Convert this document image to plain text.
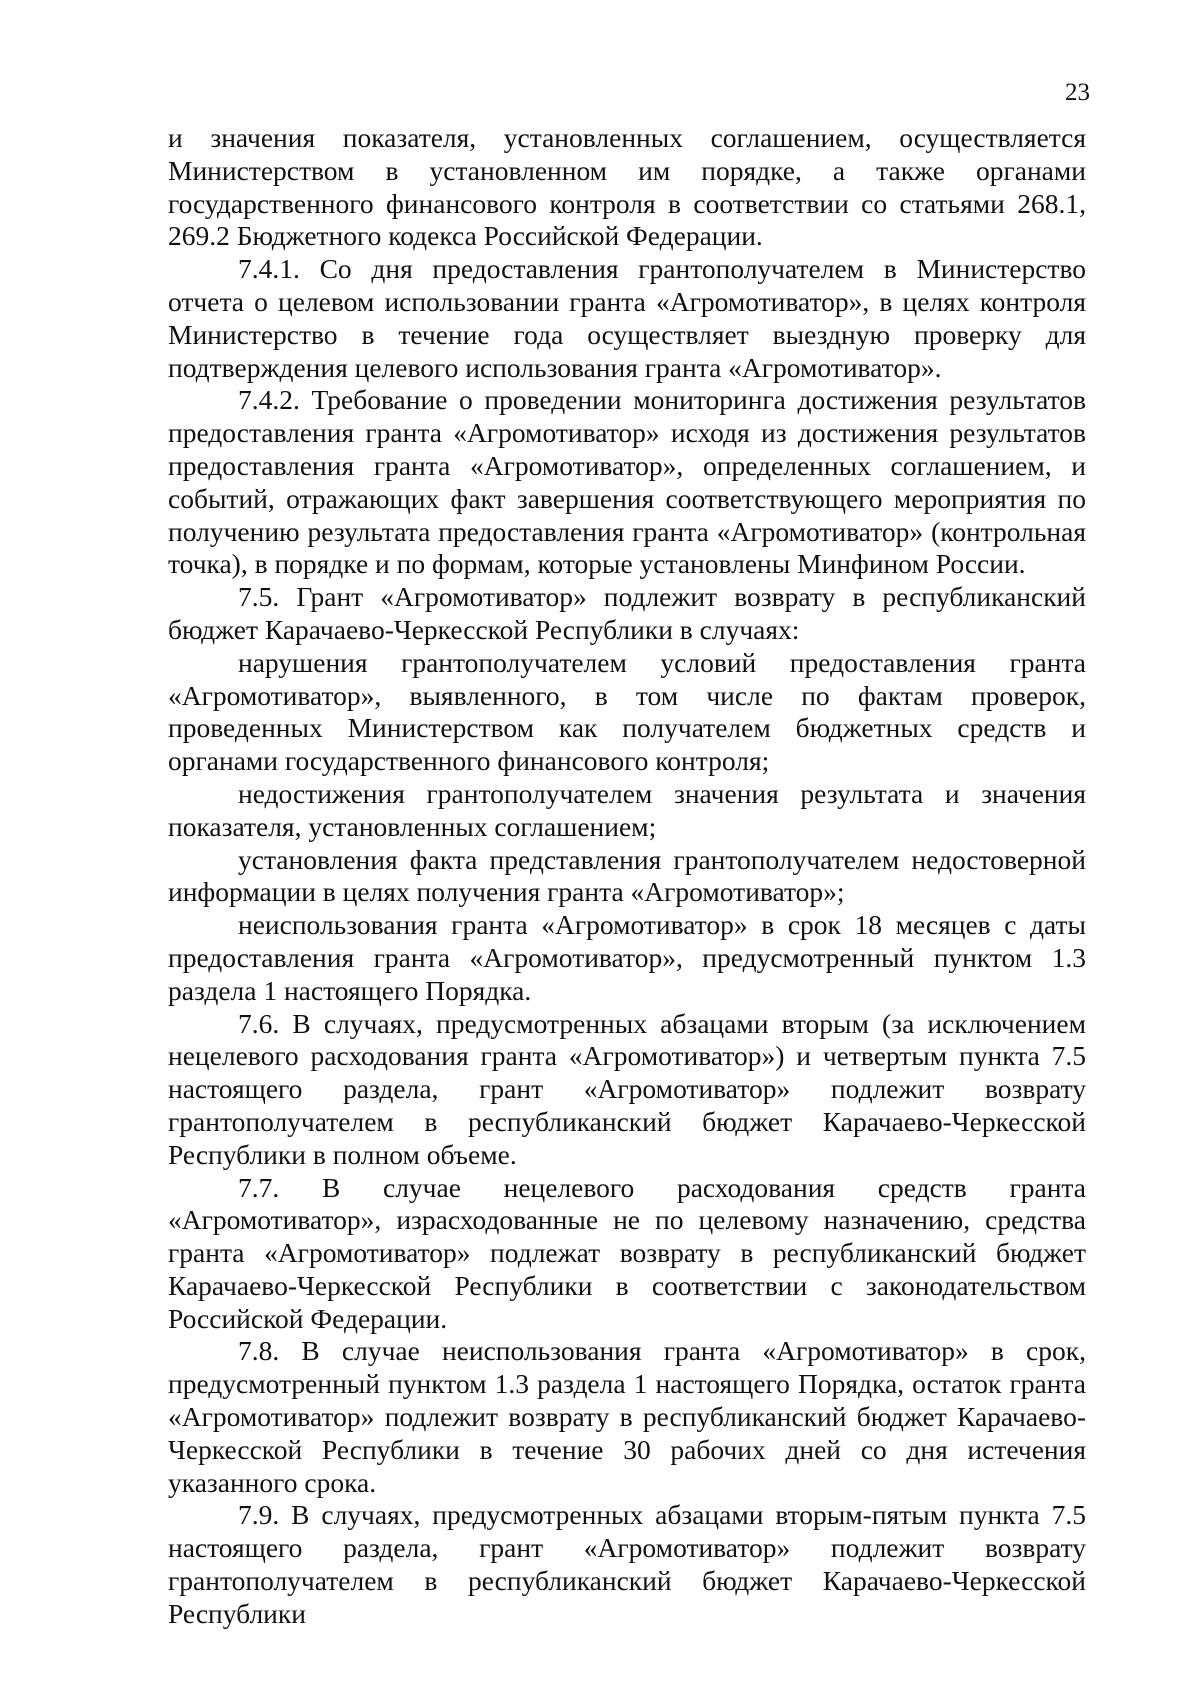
23

и значения показателя, установленных соглашением, осуществляется Министерством в установленном им порядке, а также органами государственного финансового контроля в соответствии со статьями 268.1, 269.2 Бюджетного кодекса Российской Федерации.

7.4.1. Со дня предоставления грантополучателем в Министерство отчета о целевом использовании гранта «Агромотиватор», в целях контроля Министерство в течение года осуществляет выездную проверку для подтверждения целевого использования гранта «Агромотиватор».

7.4.2. Требование о проведении мониторинга достижения результатов предоставления гранта «Агромотиватор» исходя из достижения результатов предоставления гранта «Агромотиватор», определенных соглашением, и событий, отражающих факт завершения соответствующего мероприятия по получению результата предоставления гранта «Агромотиватор» (контрольная точка), в порядке и по формам, которые установлены Минфином России.

7.5. Грант «Агромотиватор» подлежит возврату в республиканский бюджет Карачаево-Черкесской Республики в случаях:

нарушения грантополучателем условий предоставления гранта «Агромотиватор», выявленного, в том числе по фактам проверок, проведенных Министерством как получателем бюджетных средств и органами государственного финансового контроля;

недостижения грантополучателем значения результата и значения показателя, установленных соглашением;

установления факта представления грантополучателем недостоверной информации в целях получения гранта «Агромотиватор»;

неиспользования гранта «Агромотиватор» в срок 18 месяцев с даты предоставления гранта «Агромотиватор», предусмотренный пунктом 1.3 раздела 1 настоящего Порядка.

7.6. В случаях, предусмотренных абзацами вторым (за исключением нецелевого расходования гранта «Агромотиватор») и четвертым пункта 7.5 настоящего раздела, грант «Агромотиватор» подлежит возврату грантополучателем в республиканский бюджет Карачаево-Черкесской Республики в полном объеме.

7.7. В случае нецелевого расходования средств гранта «Агромотиватор», израсходованные не по целевому назначению, средства гранта «Агромотиватор» подлежат возврату в республиканский бюджет Карачаево-Черкесской Республики в соответствии с законодательством Российской Федерации.

7.8. В случае неиспользования гранта «Агромотиватор» в срок, предусмотренный пунктом 1.3 раздела 1 настоящего Порядка, остаток гранта «Агромотиватор» подлежит возврату в республиканский бюджет Карачаево-Черкесской Республики в течение 30 рабочих дней со дня истечения указанного срока.

7.9. В случаях, предусмотренных абзацами вторым-пятым пункта 7.5 настоящего раздела, грант «Агромотиватор» подлежит возврату грантополучателем в республиканский бюджет Карачаево-Черкесской Республики
